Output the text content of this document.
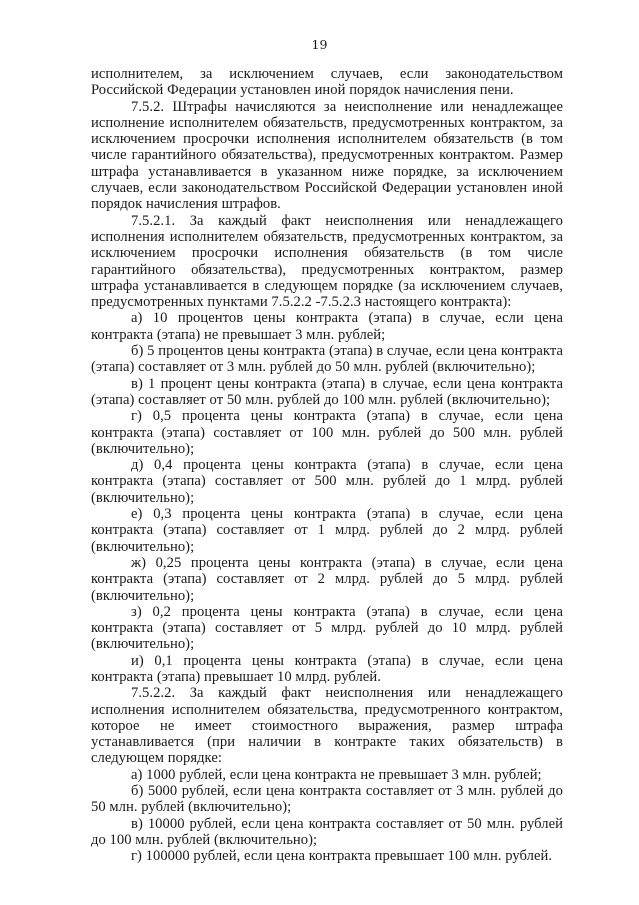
19

исполнителем, за исключением случаев, если законодательством Российской Федерации установлен иной порядок начисления пени.

7.5.2. Штрафы начисляются за неисполнение или ненадлежащее исполнение исполнителем обязательств, предусмотренных контрактом, за исключением просрочки исполнения исполнителем обязательств (в том числе гарантийного обязательства), предусмотренных контрактом. Размер штрафа устанавливается в указанном ниже порядке, за исключением случаев, если законодательством Российской Федерации установлен иной порядок начисления штрафов.

7.5.2.1. За каждый факт неисполнения или ненадлежащего исполнения исполнителем обязательств, предусмотренных контрактом, за исключением просрочки исполнения обязательств (в том числе гарантийного обязательства), предусмотренных контрактом, размер штрафа устанавливается в следующем порядке (за исключением случаев, предусмотренных пунктами 7.5.2.2 -7.5.2.3 настоящего контракта):

а) 10 процентов цены контракта (этапа) в случае, если цена контракта (этапа) не превышает 3 млн. рублей;

б) 5 процентов цены контракта (этапа) в случае, если цена контракта (этапа) составляет от 3 млн. рублей до 50 млн. рублей (включительно);

в) 1 процент цены контракта (этапа) в случае, если цена контракта (этапа) составляет от 50 млн. рублей до 100 млн. рублей (включительно);

г) 0,5 процента цены контракта (этапа) в случае, если цена контракта (этапа) составляет от 100 млн. рублей до 500 млн. рублей (включительно);

д) 0,4 процента цены контракта (этапа) в случае, если цена контракта (этапа) составляет от 500 млн. рублей до 1 млрд. рублей (включительно);

е) 0,3 процента цены контракта (этапа) в случае, если цена контракта (этапа) составляет от 1 млрд. рублей до 2 млрд. рублей (включительно);

ж) 0,25 процента цены контракта (этапа) в случае, если цена контракта (этапа) составляет от 2 млрд. рублей до 5 млрд. рублей (включительно);

з) 0,2 процента цены контракта (этапа) в случае, если цена контракта (этапа) составляет от 5 млрд. рублей до 10 млрд. рублей (включительно);

и) 0,1 процента цены контракта (этапа) в случае, если цена контракта (этапа) превышает 10 млрд. рублей.

7.5.2.2. За каждый факт неисполнения или ненадлежащего исполнения исполнителем обязательства, предусмотренного контрактом, которое не имеет стоимостного выражения, размер штрафа устанавливается (при наличии в контракте таких обязательств) в следующем порядке:

а) 1000 рублей, если цена контракта не превышает 3 млн. рублей;

б) 5000 рублей, если цена контракта составляет от 3 млн. рублей до 50 млн. рублей (включительно);

в) 10000 рублей, если цена контракта составляет от 50 млн. рублей до 100 млн. рублей (включительно);

г) 100000 рублей, если цена контракта превышает 100 млн. рублей.
